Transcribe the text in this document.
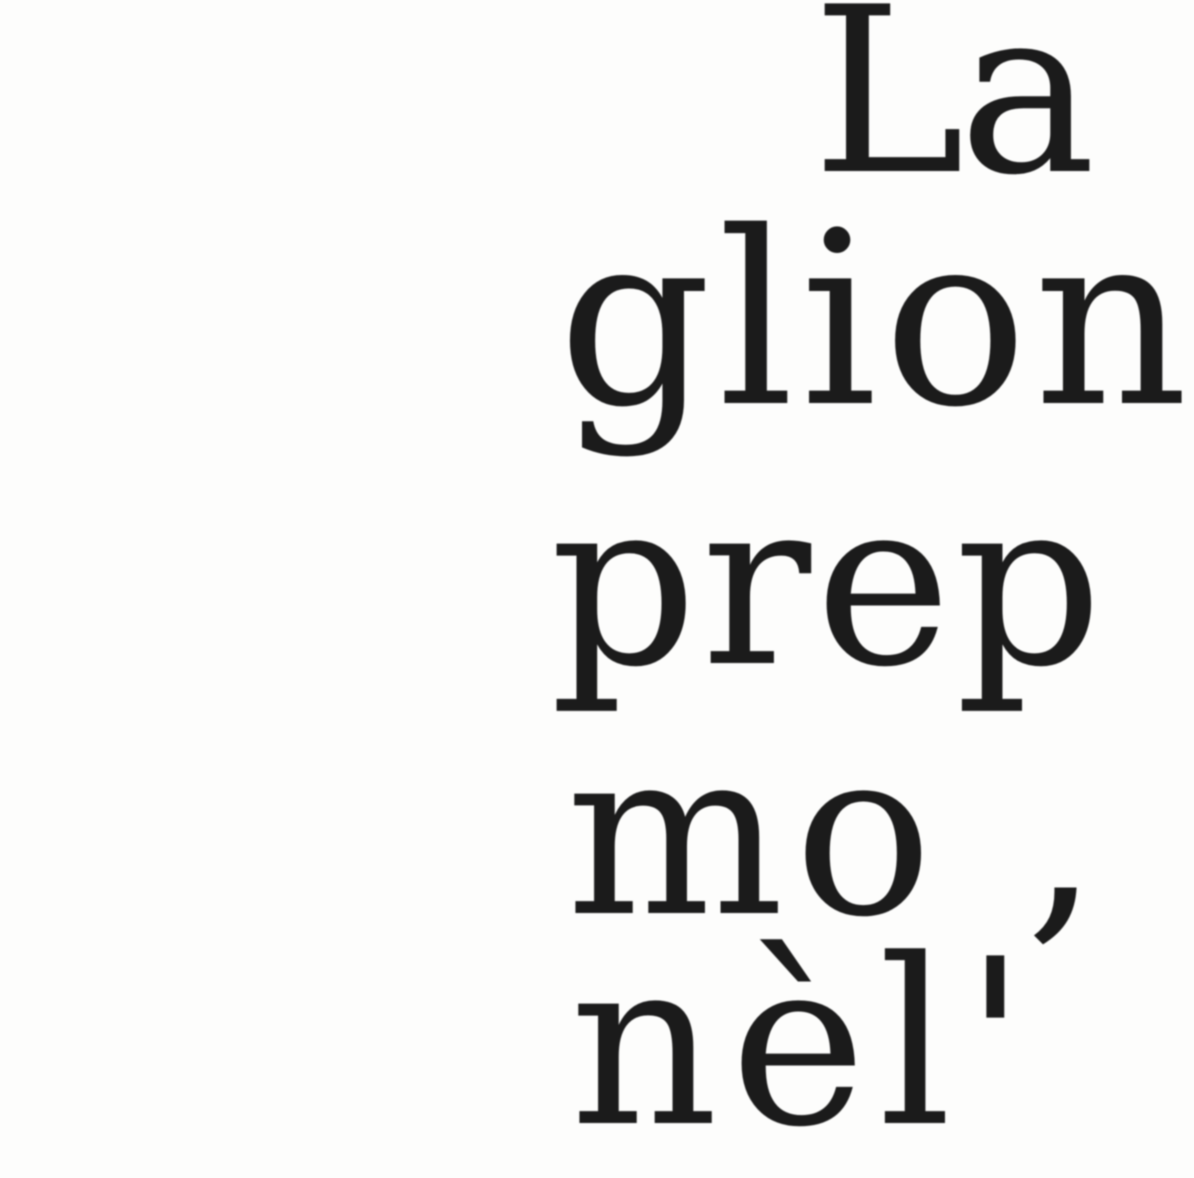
La
glion
prep
mo ,
nèl'
